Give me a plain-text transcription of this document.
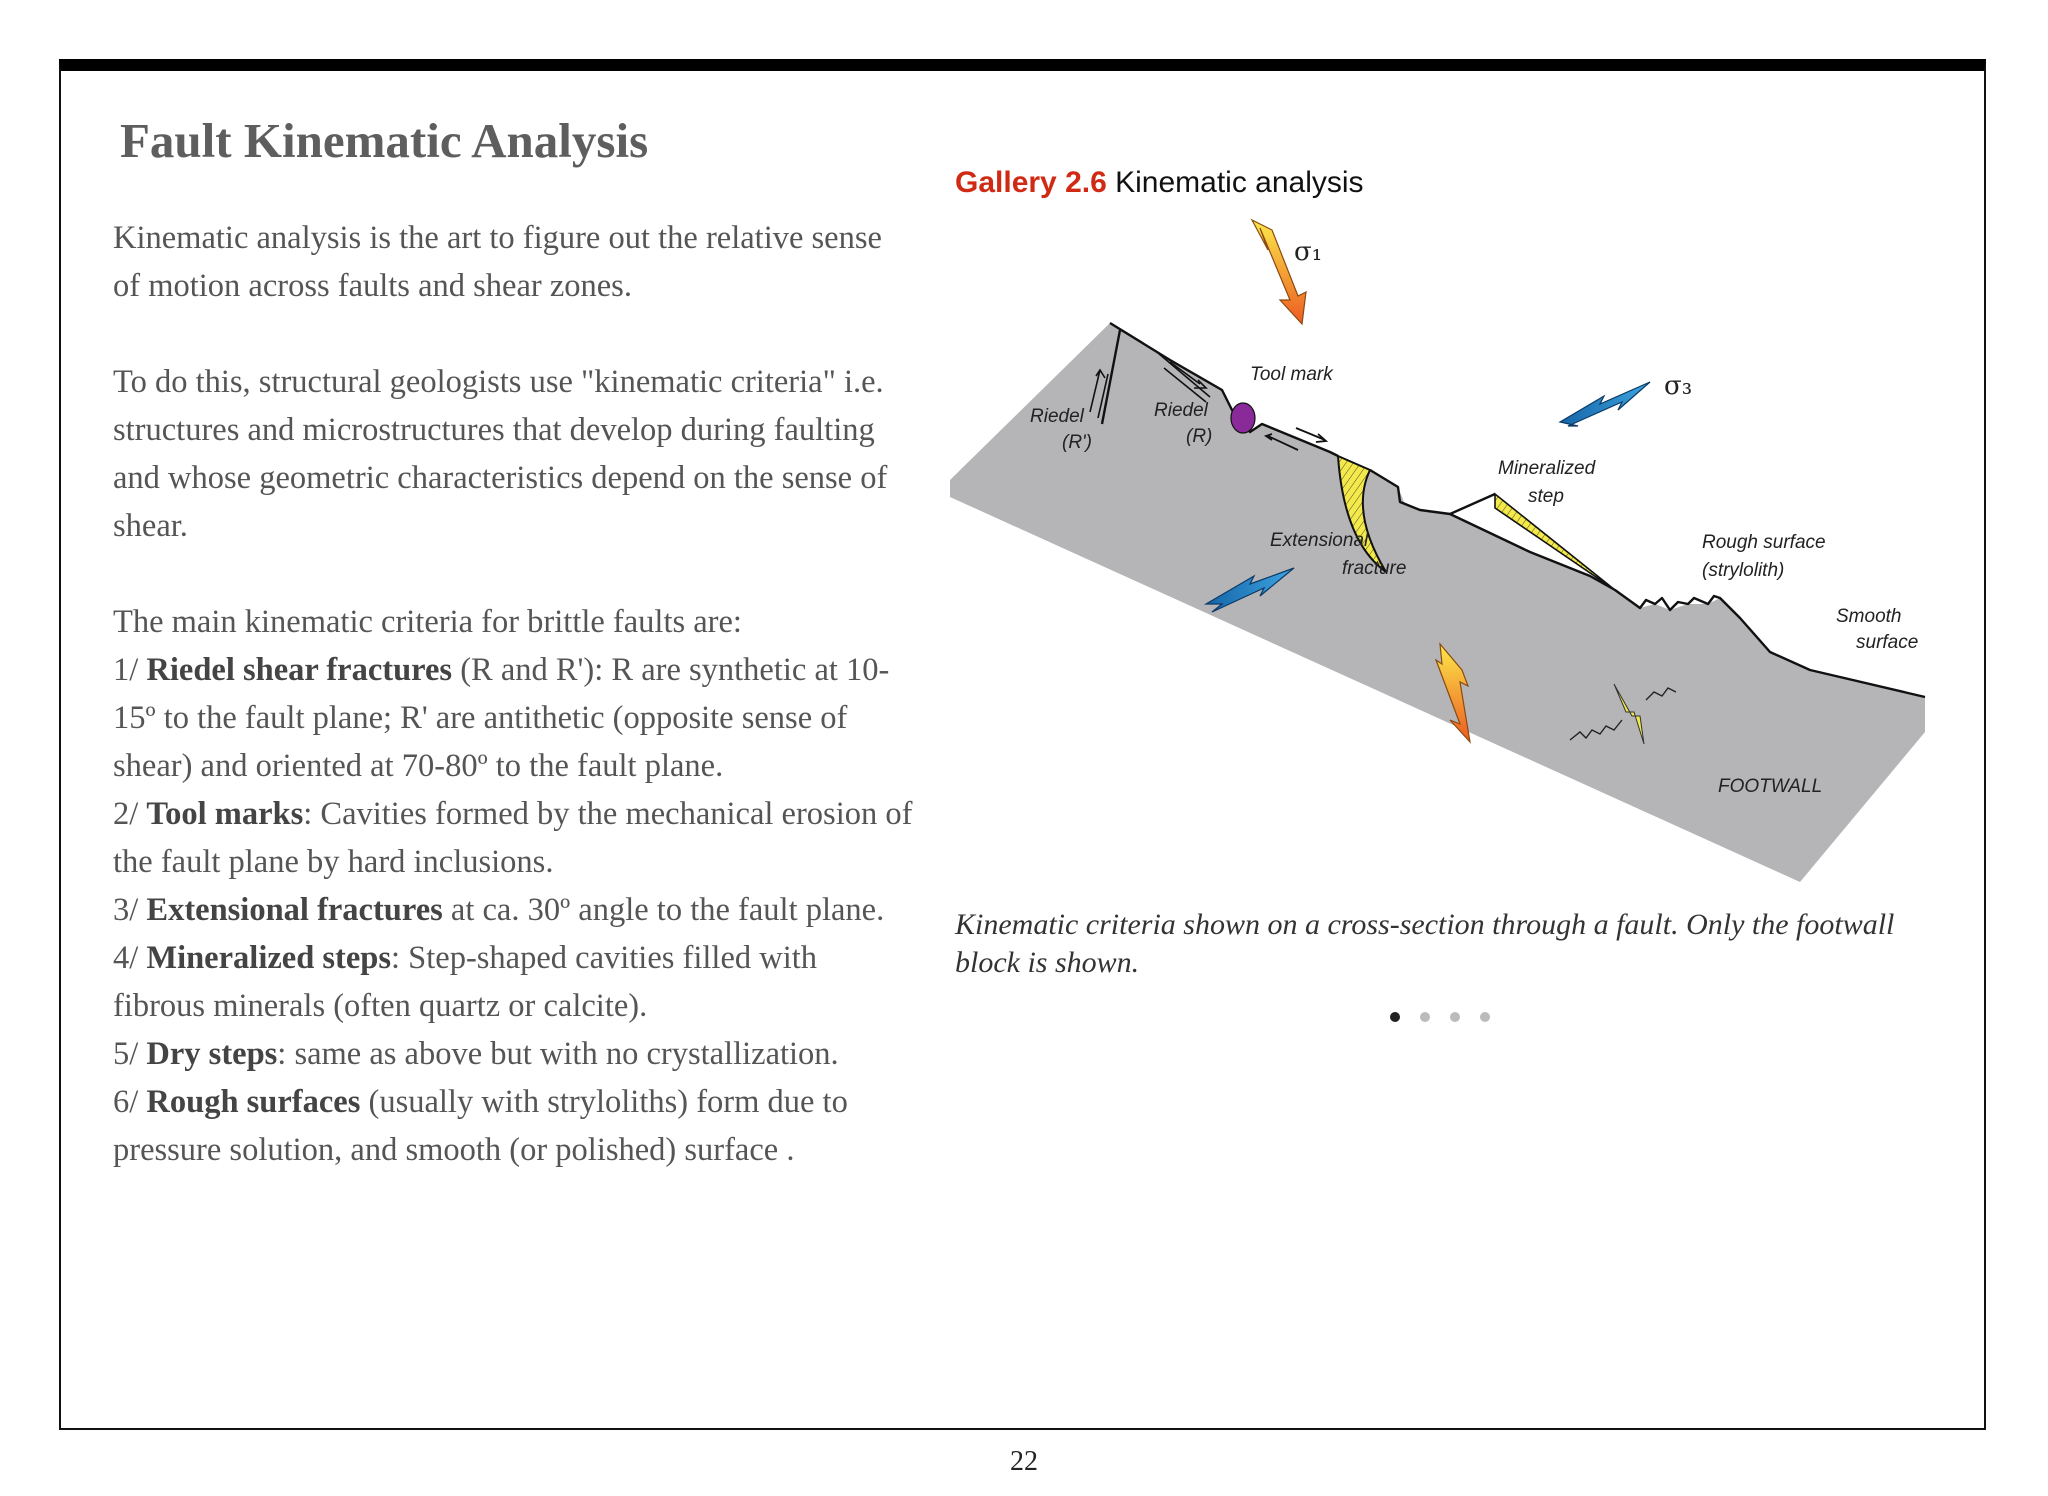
Fault Kinematic Analysis

Kinematic analysis is the art to figure out the relative sense of motion across faults and shear zones.

To do this, structural geologists use "kinematic criteria" i.e. structures and microstructures that develop during faulting and whose geometric characteristics depend on the sense of shear.

The main kinematic criteria for brittle faults are:
1/ Riedel shear fractures (R and R'): R are synthetic at 10-15º to the fault plane; R' are antithetic (opposite sense of shear) and oriented at 70-80º to the fault plane.
2/ Tool marks: Cavities formed by the mechanical erosion of the fault plane by hard inclusions.
3/ Extensional fractures at ca. 30º angle to the fault plane.
4/ Mineralized steps: Step-shaped cavities filled with fibrous minerals (often quartz or calcite).
5/ Dry steps: same as above but with no crystallization.
6/ Rough surfaces (usually with stryloliths) form due to pressure solution, and smooth (or polished) surface .
Gallery 2.6 Kinematic analysis
σ₁
σ₃
Tool mark
Riedel
(R')
Riedel
(R)
Mineralized
step
Extensional
fracture
Rough surface
(strylolith)
Smooth
surface
FOOTWALL
Kinematic criteria shown on a cross-section through a fault. Only the footwall block is shown.
22
